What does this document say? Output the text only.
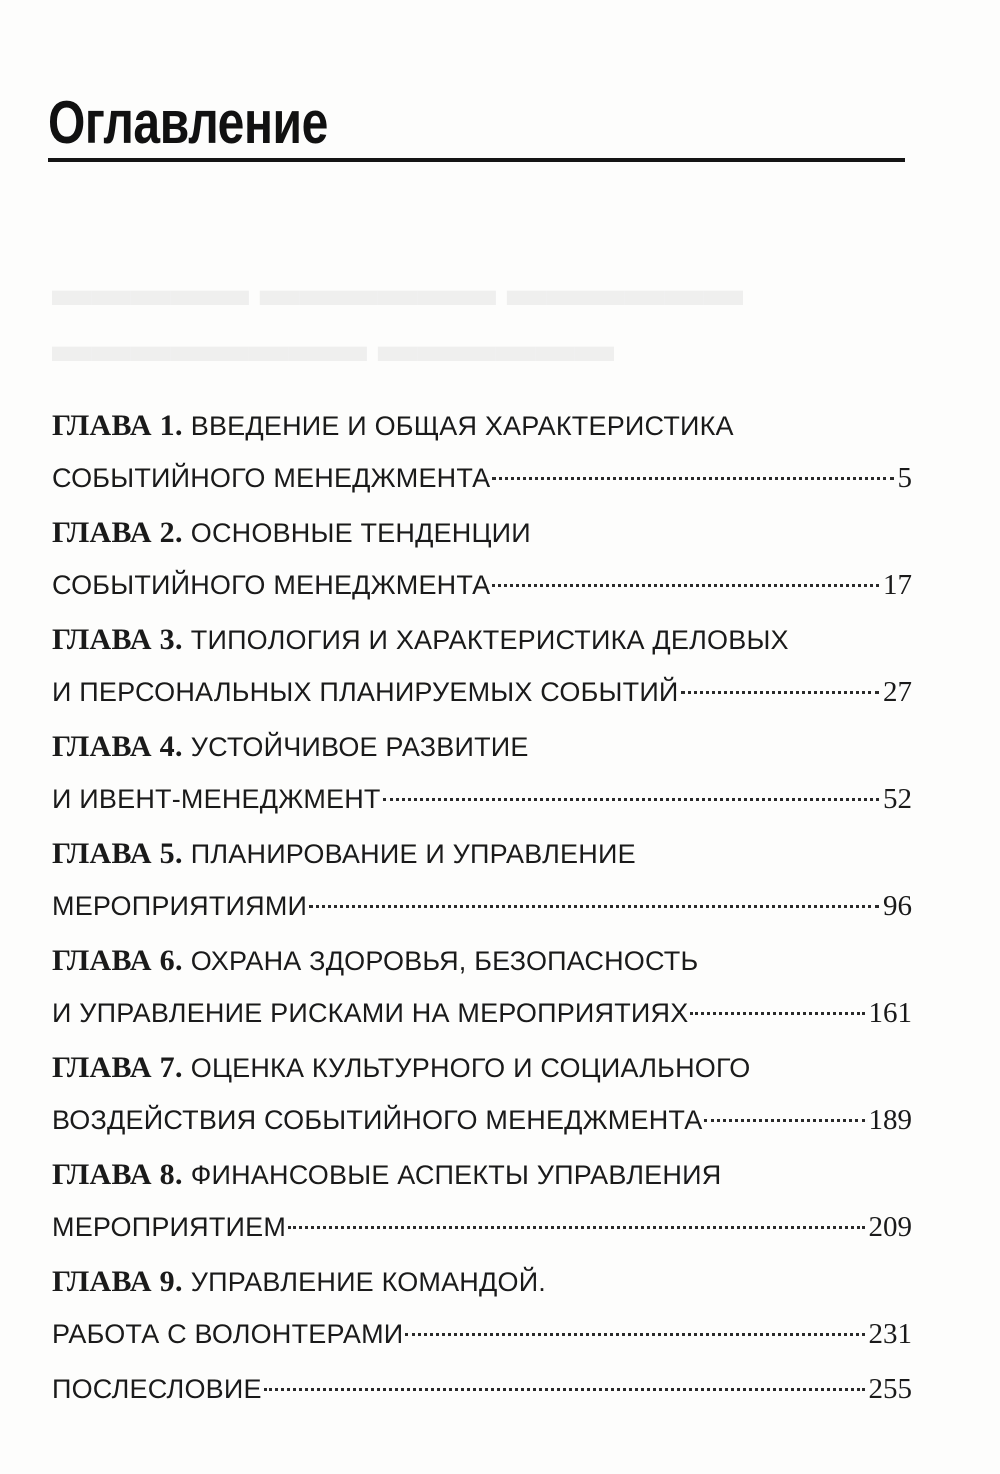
Оглавление
▬▬▬▬▬ ▬▬▬▬▬▬ ▬▬▬▬▬▬
▬▬▬▬▬▬▬▬ ▬▬▬▬▬▬
ГЛАВА 1. ВВЕДЕНИЕ И ОБЩАЯ ХАРАКТЕРИСТИКА
СОБЫТИЙНОГО МЕНЕДЖМЕНТА	5
ГЛАВА 2. ОСНОВНЫЕ ТЕНДЕНЦИИ
СОБЫТИЙНОГО МЕНЕДЖМЕНТА	17
ГЛАВА 3. ТИПОЛОГИЯ И ХАРАКТЕРИСТИКА ДЕЛОВЫХ
И ПЕРСОНАЛЬНЫХ ПЛАНИРУЕМЫХ СОБЫТИЙ	27
ГЛАВА 4. УСТОЙЧИВОЕ РАЗВИТИЕ
И ИВЕНТ-МЕНЕДЖМЕНТ	52
ГЛАВА 5. ПЛАНИРОВАНИЕ И УПРАВЛЕНИЕ
МЕРОПРИЯТИЯМИ	96
ГЛАВА 6. ОХРАНА ЗДОРОВЬЯ, БЕЗОПАСНОСТЬ
И УПРАВЛЕНИЕ РИСКАМИ НА МЕРОПРИЯТИЯХ	161
ГЛАВА 7. ОЦЕНКА КУЛЬТУРНОГО И СОЦИАЛЬНОГО
ВОЗДЕЙСТВИЯ СОБЫТИЙНОГО МЕНЕДЖМЕНТА	189
ГЛАВА 8. ФИНАНСОВЫЕ АСПЕКТЫ УПРАВЛЕНИЯ
МЕРОПРИЯТИЕМ	209
ГЛАВА 9. УПРАВЛЕНИЕ КОМАНДОЙ.
РАБОТА С ВОЛОНТЕРАМИ	231
ПОСЛЕСЛОВИЕ	255
